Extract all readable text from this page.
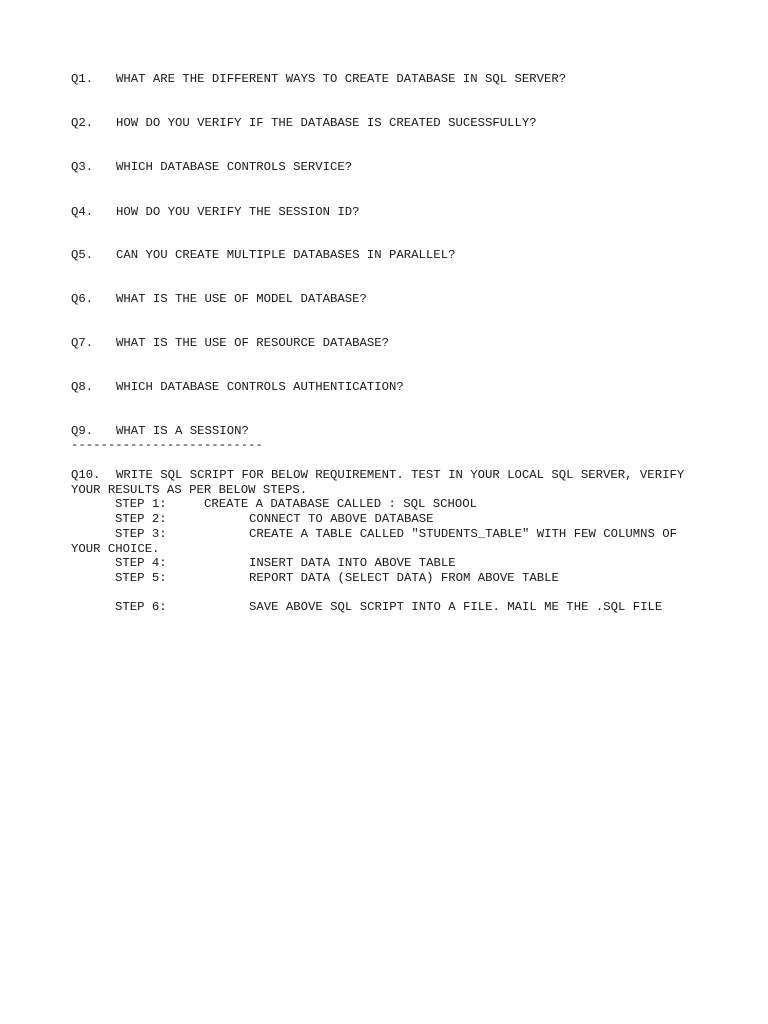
Q1. WHAT ARE THE DIFFERENT WAYS TO CREATE DATABASE IN SQL SERVER?

Q2. HOW DO YOU VERIFY IF THE DATABASE IS CREATED SUCESSFULLY?

Q3. WHICH DATABASE CONTROLS SERVICE?

Q4. HOW DO YOU VERIFY THE SESSION ID?

Q5. CAN YOU CREATE MULTIPLE DATABASES IN PARALLEL?

Q6. WHAT IS THE USE OF MODEL DATABASE?

Q7. WHAT IS THE USE OF RESOURCE DATABASE?

Q8. WHICH DATABASE CONTROLS AUTHENTICATION?

Q9. WHAT IS A SESSION?

--------------------------

Q10. WRITE SQL SCRIPT FOR BELOW REQUIREMENT. TEST IN YOUR LOCAL SQL SERVER, VERIFY YOUR RESULTS AS PER BELOW STEPS.
STEP 1:	CREATE A DATABASE CALLED : SQL SCHOOL
STEP 2:	CONNECT TO ABOVE DATABASE
STEP 3:	CREATE A TABLE CALLED "STUDENTS_TABLE" WITH FEW COLUMNS OF
YOUR CHOICE.
STEP 4:	INSERT DATA INTO ABOVE TABLE
STEP 5:	REPORT DATA (SELECT DATA) FROM ABOVE TABLE
STEP 6:	SAVE ABOVE SQL SCRIPT INTO A FILE. MAIL ME THE .SQL FILE
